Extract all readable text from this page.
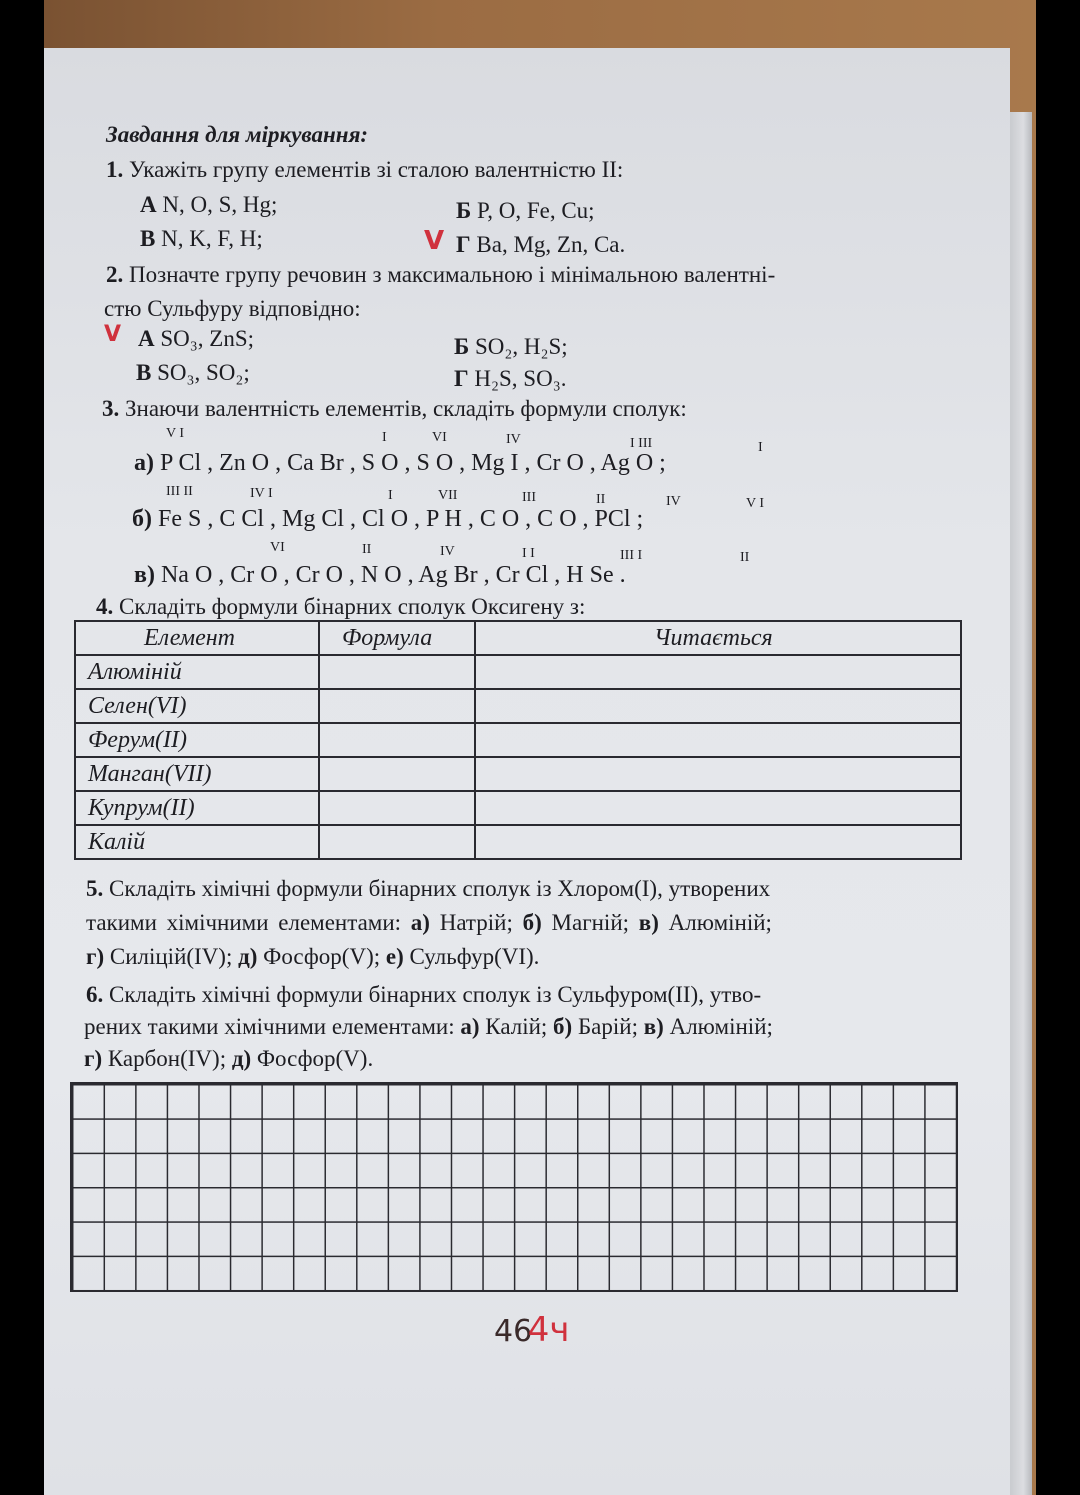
Завдання для міркування:
1. Укажіть групу елементів зі сталою валентністю II:
А N, O, S, Hg;	Б P, O, Fe, Cu;
В N, K, F, H;	V Г Ba, Mg, Zn, Ca.
2. Позначте групу речовин з максимальною і мінімальною валентні-
стю Сульфуру відповідно:
V А SO₃, ZnS;	Б SO₂, H₂S;
В SO₃, SO₂;	Г H₂S, SO₃.
3. Знаючи валентність елементів, складіть формули сполук:
V I	I	VI	IV	I III	I
а) P Cl , Zn O , Ca Br , S O , S O , Mg I , Cr O , Ag O ;
III II	IV I	I	VII	III	II	IV	V I
б) Fe S , C Cl , Mg Cl , Cl O , P H , C O , C O , PCl ;
VI	II	IV	I I	III I	II
в) Na O , Cr O , Cr O , N O , Ag Br , Cr Cl , H Se .
4. Складіть формули бінарних сполук Оксигену з:
Елемент	Формула	Читається
Алюміній		
Селен(VI)		
Ферум(II)		
Манган(VII)		
Купрум(II)		
Калій		
5. Складіть хімічні формули бінарних сполук із Хлором(I), утворених
такими хімічними елементами: а) Натрій; б) Магній; в) Алюміній;
г) Силіцій(IV); д) Фосфор(V); е) Сульфур(VI).
6. Складіть хімічні формули бінарних сполук із Сульфуром(II), утво-
рених такими хімічними елементами: а) Калій; б) Барій; в) Алюміній;
г) Карбон(IV); д) Фосфор(V).
46 4ч
